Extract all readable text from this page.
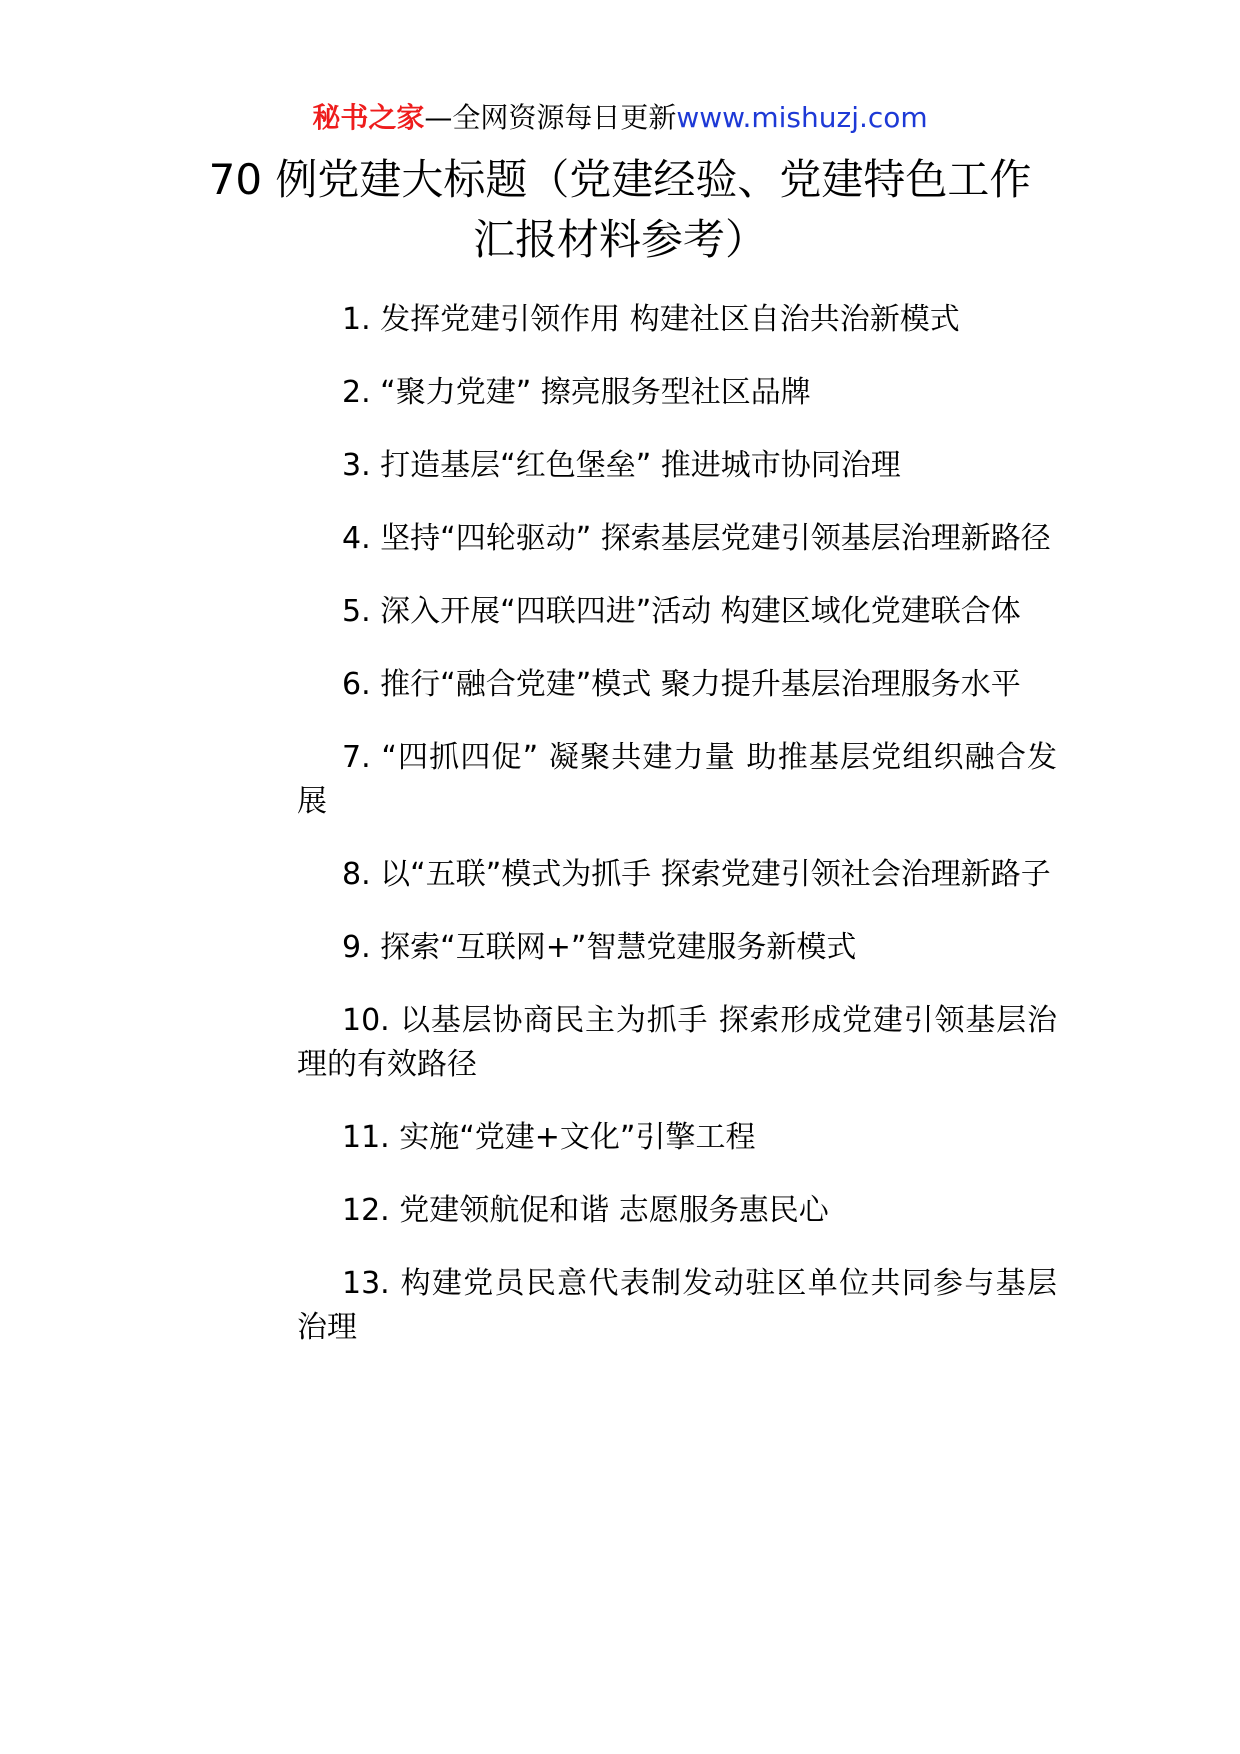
秘书之家—全网资源每日更新www.mishuzj.com
70 例党建大标题（党建经验、党建特色工作汇报材料参考）
1. 发挥党建引领作用 构建社区自治共治新模式
2. “聚力党建” 擦亮服务型社区品牌
3. 打造基层“红色堡垒” 推进城市协同治理
4. 坚持“四轮驱动” 探索基层党建引领基层治理新路径
5. 深入开展“四联四进”活动 构建区域化党建联合体
6. 推行“融合党建”模式 聚力提升基层治理服务水平
7. “四抓四促” 凝聚共建力量 助推基层党组织融合发展
8. 以“五联”模式为抓手 探索党建引领社会治理新路子
9. 探索“互联网+”智慧党建服务新模式
10. 以基层协商民主为抓手 探索形成党建引领基层治理的有效路径
11. 实施“党建+文化”引擎工程
12. 党建领航促和谐 志愿服务惠民心
13. 构建党员民意代表制发动驻区单位共同参与基层治理
